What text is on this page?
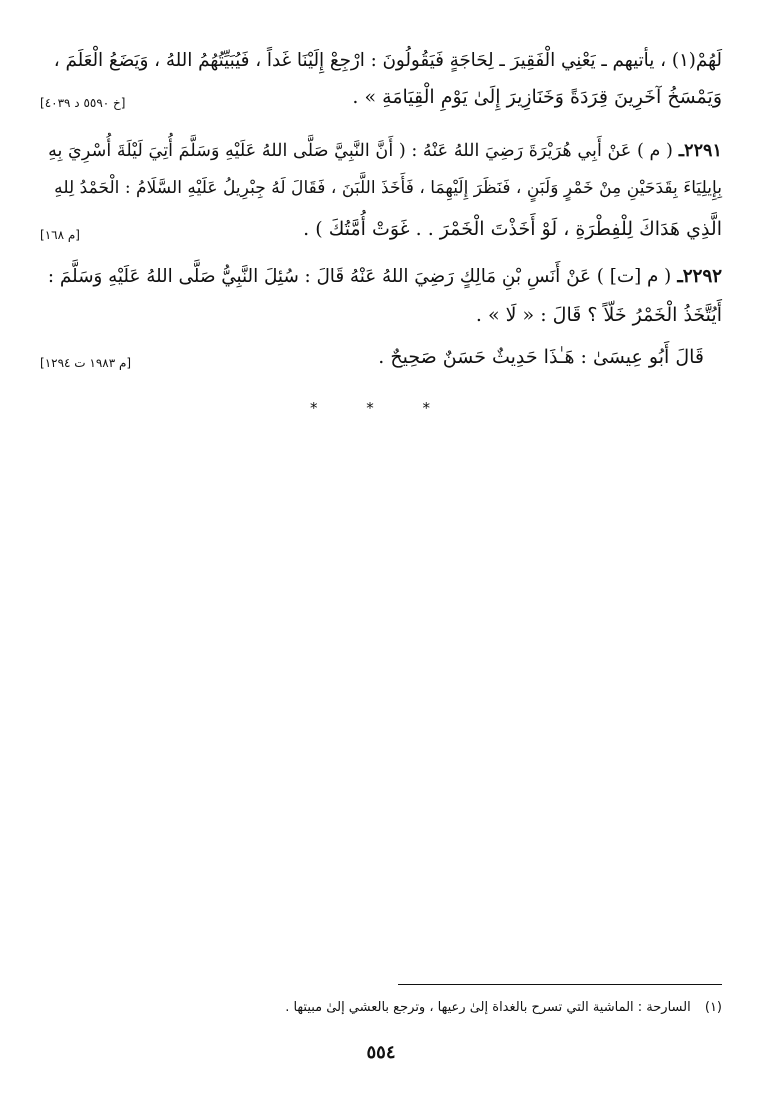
لَهُمْ(١) ، يأتيهم ـ يَعْنِي الْفَقِيرَ ـ لِحَاجَةٍ فَيَقُولُونَ : ارْجِعْ إِلَيْنَا غَداً ، فَيُبَيِّتُهُمُ اللهُ ، وَيَضَعُ الْعَلَمَ ،
وَيَمْسَخُ آخَرِينَ قِرَدَةً وَخَنَازِيرَ إِلَىٰ يَوْمِ الْقِيَامَةِ » .
[خ ٥٥٩٠ د ٤٠٣٩]
٢٢٩١ـ
( م ) عَنْ أَبِي هُرَيْرَةَ رَضِيَ اللهُ عَنْهُ : ( أَنَّ النَّبِيَّ صَلَّى اللهُ عَلَيْهِ وَسَلَّمَ أُتِيَ لَيْلَةَ أُسْرِيَ بِهِ
بِإِيلِيَاءَ بِقَدَحَيْنِ مِنْ خَمْرٍ وَلَبَنٍ ، فَنَظَرَ إِلَيْهِمَا ، فَأَخَذَ اللَّبَنَ ، فَقَالَ لَهُ جِبْرِيلُ عَلَيْهِ السَّلَامُ : الْحَمْدُ لِلهِ
الَّذِي هَدَاكَ لِلْفِطْرَةِ ، لَوْ أَخَذْتَ الْخَمْرَ . . غَوَتْ أُمَّتُكَ ) .
[م ١٦٨]
٢٢٩٢ـ
( م [ت] ) عَنْ أَنَسِ بْنِ مَالِكٍ رَضِيَ اللهُ عَنْهُ قَالَ : سُئِلَ النَّبِيُّ صَلَّى اللهُ عَلَيْهِ وَسَلَّمَ :
أَيُتَّخَذُ الْخَمْرُ خَلّاً ؟ قَالَ : « لَا » .
قَالَ أَبُو عِيسَىٰ : هَـٰذَا حَدِيثٌ حَسَنٌ صَحِيحٌ .
[م ١٩٨٣ ت ١٢٩٤]
* * *
(١) السارحة : الماشية التي تسرح بالغداة إلىٰ رعيها ، وترجع بالعشي إلىٰ مبيتها .
٥٥٤
